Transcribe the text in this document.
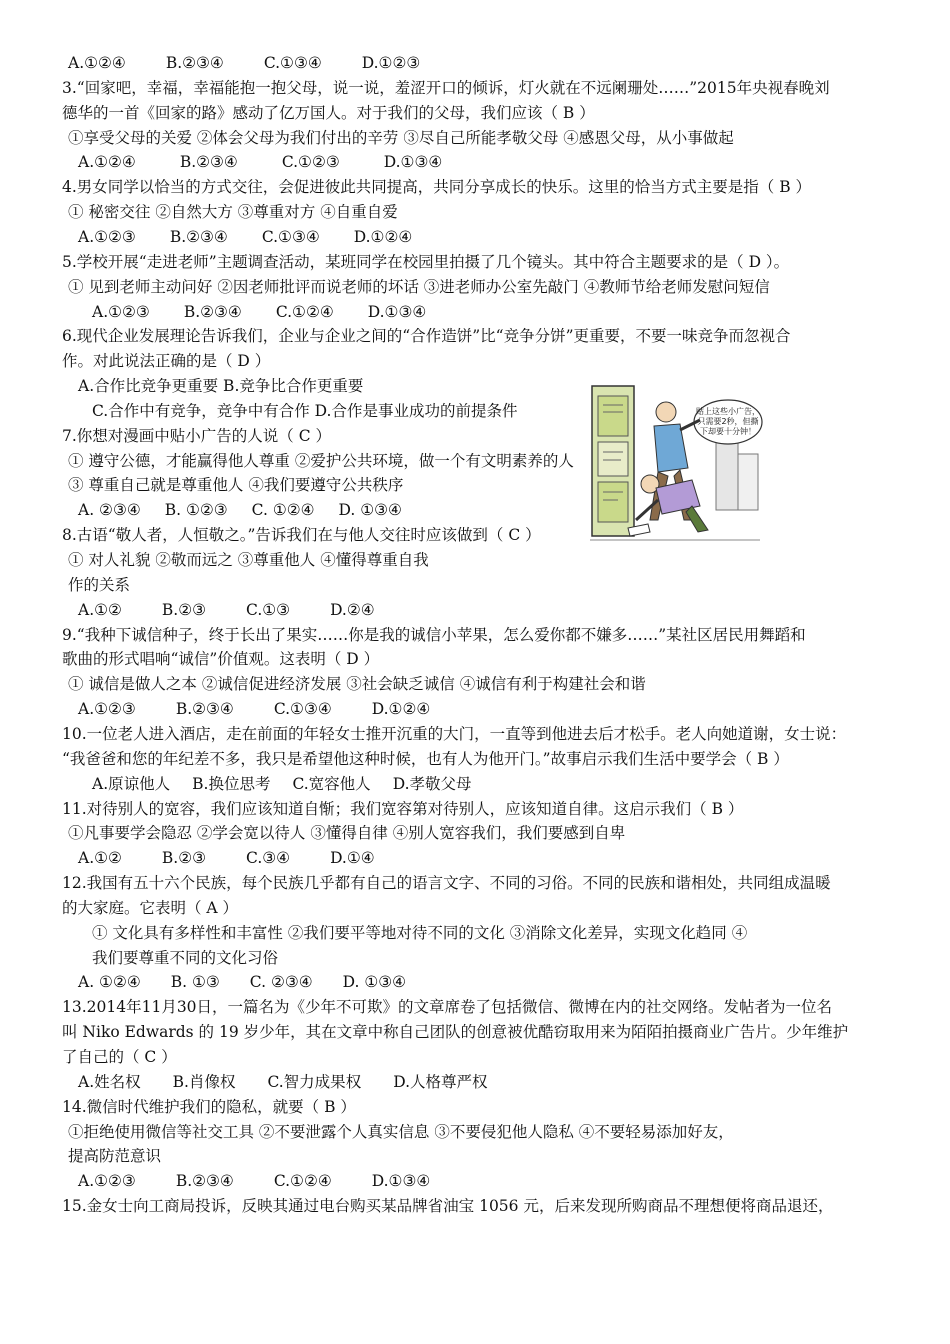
A.①②④	B.②③④	C.①③④	D.①②③
3.“回家吧，幸福，幸福能抱一抱父母，说一说，羞涩开口的倾诉，灯火就在不远阑珊处……”2015年央视春晚刘
德华的一首《回家的路》感动了亿万国人。对于我们的父母，我们应该（ B ）
①享受父母的关爱 ②体会父母为我们付出的辛劳 ③尽自己所能孝敬父母 ④感恩父母，从小事做起
A.①②④	B.②③④	C.①②③	D.①③④
4.男女同学以恰当的方式交往，会促进彼此共同提高，共同分享成长的快乐。这里的恰当方式主要是指（ B ）
① 秘密交往 ②自然大方 ③尊重对方 ④自重自爱
A.①②③ B.②③④ C.①③④ D.①②④
5.学校开展“走进老师”主题调查活动，某班同学在校园里拍摄了几个镜头。其中符合主题要求的是（ D ）。
① 见到老师主动问好 ②因老师批评而说老师的坏话 ③进老师办公室先敲门 ④教师节给老师发慰问短信
A.①②③ B.②③④ C.①②④ D.①③④
6.现代企业发展理论告诉我们，企业与企业之间的“合作造饼”比“竞争分饼”更重要，不要一味竞争而忽视合
作。对此说法正确的是（ D ）
A.合作比竞争更重要 B.竞争比合作更重要
C.合作中有竞争，竞争中有合作 D.合作是事业成功的前提条件
7.你想对漫画中贴小广告的人说（ C ）
① 遵守公德，才能赢得他人尊重 ②爱护公共环境，做一个有文明素养的人
③ 尊重自己就是尊重他人 ④我们要遵守公共秩序
A. ②③④ B. ①②③ C. ①②④ D. ①③④
8.古语“敬人者，人恒敬之。”告诉我们在与他人交往时应该做到（ C ）
① 对人礼貌 ②敬而远之 ③尊重他人 ④懂得尊重自我
作的关系
A.①②	B.②③	C.①③	D.②④
9.“我种下诚信种子，终于长出了果实……你是我的诚信小苹果，怎么爱你都不嫌多……”某社区居民用舞蹈和
歌曲的形式唱响“诚信”价值观。这表明（ D ）
① 诚信是做人之本 ②诚信促进经济发展 ③社会缺乏诚信 ④诚信有利于构建社会和谐
A.①②③	B.②③④	C.①③④	D.①②④
10.一位老人进入酒店，走在前面的年轻女士推开沉重的大门，一直等到他进去后才松手。老人向她道谢，女士说：
“我爸爸和您的年纪差不多，我只是希望他这种时候，也有人为他开门。”故事启示我们生活中要学会（ B ）
A.原谅他人 B.换位思考 C.宽容他人 D.孝敬父母
11.对待别人的宽容，我们应该知道自惭；我们宽容第对待别人，应该知道自律。这启示我们（ B ）
①凡事要学会隐忍 ②学会宽以待人 ③懂得自律 ④别人宽容我们，我们要感到自卑
A.①②	B.②③	C.③④	D.①④
12.我国有五十六个民族，每个民族几乎都有自己的语言文字、不同的习俗。不同的民族和谐相处，共同组成温暖
的大家庭。它表明（ A ）
① 文化具有多样性和丰富性 ②我们要平等地对待不同的文化 ③消除文化差异，实现文化趋同 ④
我们要尊重不同的文化习俗
A. ①②④ B. ①③ C. ②③④ D. ①③④
13.2014年11月30日，一篇名为《少年不可欺》的文章席卷了包括微信、微博在内的社交网络。发帖者为一位名
叫 Niko Edwards 的 19 岁少年，其在文章中称自己团队的创意被优酷窃取用来为陌陌拍摄商业广告片。少年维护
了自己的（ C ）
A.姓名权 B.肖像权 C.智力成果权 D.人格尊严权
14.微信时代维护我们的隐私，就要（ B ）
①拒绝使用微信等社交工具 ②不要泄露个人真实信息 ③不要侵犯他人隐私 ④不要轻易添加好友，
提高防范意识
A.①②③	B.②③④	C.①②④	D.①③④
15.金女士向工商局投诉，反映其通过电台购买某品牌省油宝 1056 元，后来发现所购商品不理想便将商品退还，
贴上这些小广告，
只需要2秒，但撕
下却要十分钟！
